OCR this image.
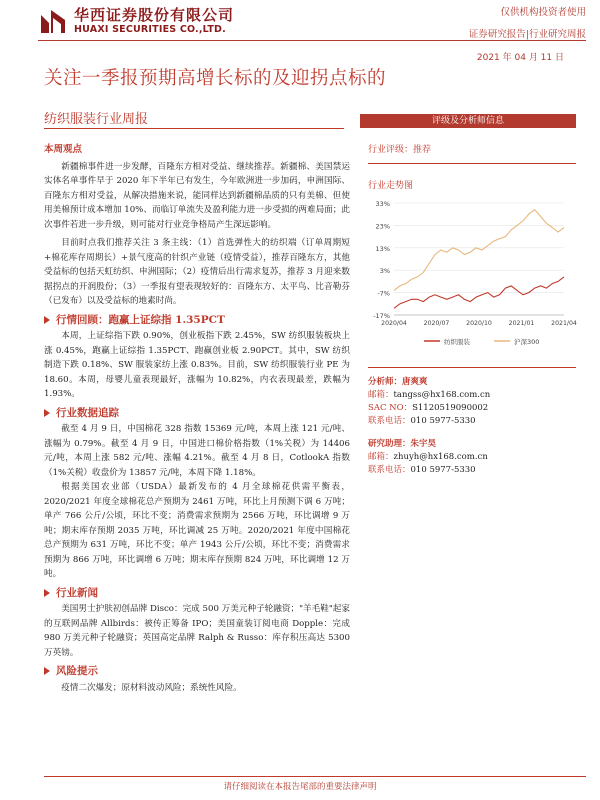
华西证券股份有限公司
HUAXI SECURITIES CO.,LTD.
仅供机构投资者使用
证券研究报告|行业研究周报
2021 年 04 月 11 日
关注一季报预期高增长标的及迎拐点标的
纺织服装行业周报
本周观点

新疆棉事件进一步发酵，百隆东方相对受益、继续推荐。新疆棉、美国禁运实体名单事件早于 2020 年下半年已有发生，今年欧洲进一步加码，申洲国际、百隆东方相对受益，从解决措施来说，能同样达到新疆棉品质的只有美棉、但使用美棉预计成本增加 10%、而临订单流失及盈利能力进一步受损的两难局面；此次事件若进一步升级，则可能对行业竞争格局产生深远影响。

目前时点我们推荐关注 3 条主线：（1）首选弹性大的纺织端（订单周期短+棉花库存周期长）+景气度高的针织产业链（疫情受益），推荐百隆东方，其他受益标的包括天虹纺织、申洲国际；（2）疫情后出行需求复苏，推荐 3 月迎来数据拐点的开润股份；（3）一季报有望表现较好的：百隆东方、太平鸟、比音勒芬（已发布）以及受益标的地素时尚。

行情回顾：跑赢上证综指 1.35PCT

本周，上证综指下跌 0.90%，创业板指下跌 2.45%，SW 纺织服装板块上涨 0.45%，跑赢上证综指 1.35PCT、跑赢创业板 2.90PCT。其中，SW 纺织制造下跌 0.18%、SW 服装家纺上涨 0.83%。目前，SW 纺织服装行业 PE 为 18.60。本周，母婴儿童表现最好，涨幅为 10.82%，内衣表现最差，跌幅为 1.93%。

行业数据追踪

截至 4 月 9 日，中国棉花 328 指数 15369 元/吨，本周上涨 121 元/吨、涨幅为 0.79%。截至 4 月 9 日，中国进口棉价格指数（1%关税）为 14406 元/吨，本周上涨 582 元/吨、涨幅 4.21%。截至 4 月 8 日，CotlookA 指数（1%关税）收盘价为 13857 元/吨，本周下降 1.18%。

根据美国农业部（USDA）最新发布的 4 月全球棉花供需平衡表，2020/2021 年度全球棉花总产预期为 2461 万吨，环比上月预测下调 6 万吨；单产 766 公斤/公顷，环比不变；消费需求预期为 2566 万吨，环比调增 9 万吨；期末库存预期 2035 万吨，环比调减 25 万吨。2020/2021 年度中国棉花总产预期为 631 万吨，环比不变；单产 1943 公斤/公顷，环比不变；消费需求预期为 866 万吨，环比调增 6 万吨；期末库存预期 824 万吨，环比调增 12 万吨。

行业新闻

美国男士护肤初创品牌 Disco：完成 500 万美元种子轮融资；"羊毛鞋"起家的互联网品牌 Allbirds：被传正筹备 IPO；美国童装订阅电商 Dopple：完成 980 万美元种子轮融资；英国高定品牌 Ralph & Russo：库存积压高达 5300 万英镑。

风险提示

疫情二次爆发；原材料波动风险；系统性风险。

评级及分析师信息
行业评级：推荐
行业走势图
33%
23%
13%
3%
-7%
-17%
2020/04	2020/07	2020/10	2021/01	2021/04
纺织服装	沪深300
分析师：唐爽爽
邮箱：tangss@hx168.com.cn
SAC NO：S1120519090002
联系电话：010 5977-5330
研究助理：朱宇昊
邮箱：zhuyh@hx168.com.cn
联系电话：010 5977-5330
请仔细阅读在本报告尾部的重要法律声明
